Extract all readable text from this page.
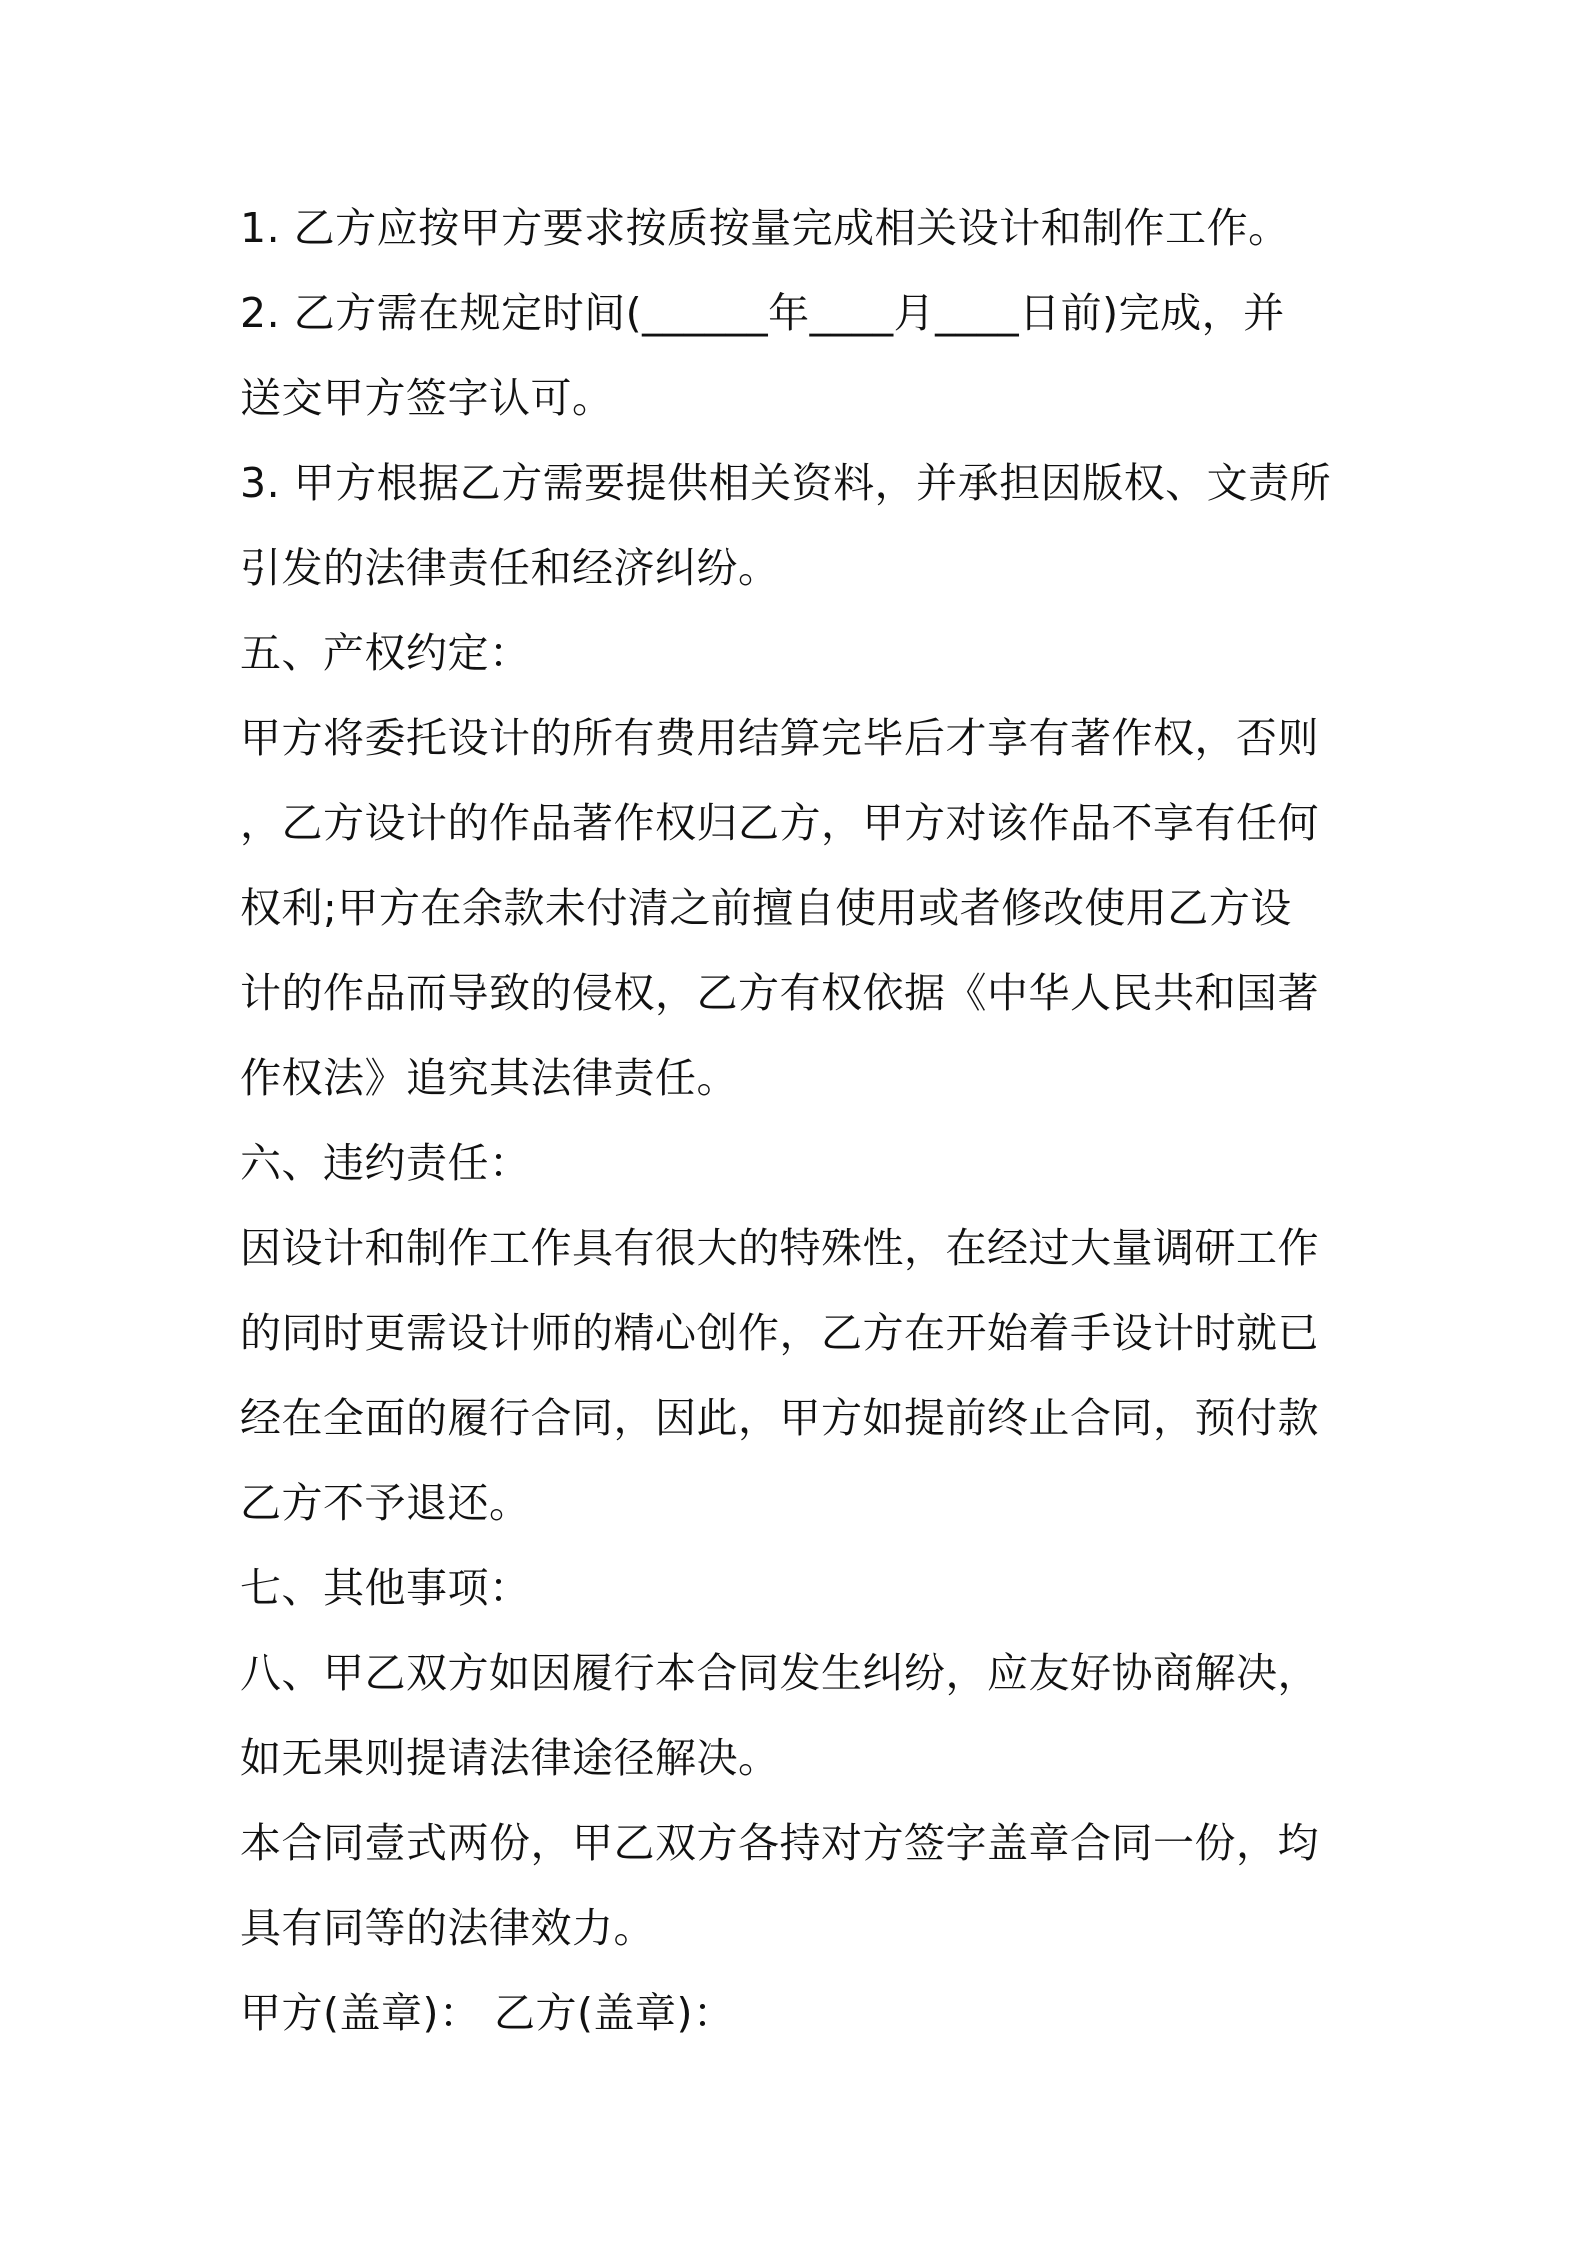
1. 乙方应按甲方要求按质按量完成相关设计和制作工作。
2. 乙方需在规定时间(______年____月____日前)完成，并
送交甲方签字认可。
3. 甲方根据乙方需要提供相关资料，并承担因版权、文责所
引发的法律责任和经济纠纷。
五、产权约定：
甲方将委托设计的所有费用结算完毕后才享有著作权，否则
，乙方设计的作品著作权归乙方，甲方对该作品不享有任何
权利;甲方在余款未付清之前擅自使用或者修改使用乙方设
计的作品而导致的侵权，乙方有权依据《中华人民共和国著
作权法》追究其法律责任。
六、违约责任：
因设计和制作工作具有很大的特殊性，在经过大量调研工作
的同时更需设计师的精心创作，乙方在开始着手设计时就已
经在全面的履行合同，因此，甲方如提前终止合同，预付款
乙方不予退还。
七、其他事项：
八、甲乙双方如因履行本合同发生纠纷，应友好协商解决，
如无果则提请法律途径解决。
本合同壹式两份，甲乙双方各持对方签字盖章合同一份，均
具有同等的法律效力。
甲方(盖章)： 乙方(盖章)：
